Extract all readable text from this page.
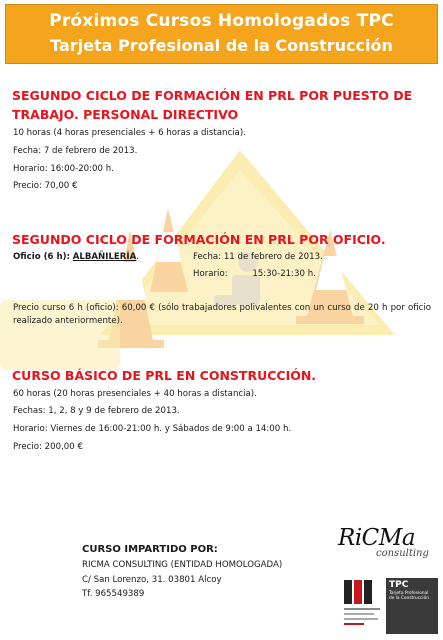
Próximos Cursos Homologados TPC
Tarjeta Profesional de la Construcción
SEGUNDO CICLO DE FORMACIÓN EN PRL POR PUESTO DE TRABAJO. PERSONAL DIRECTIVO
10 horas (4 horas presenciales + 6 horas a distancia).
Fecha: 7 de febrero de 2013.
Horario: 16:00-20:00 h.
Precio: 70,00 €
SEGUNDO CICLO DE FORMACIÓN EN PRL POR OFICIO.
Oficio (6 h): ALBAÑILERÍA.	Fecha: 11 de febrero de 2013.
Horario:	15:30-21:30 h.
Precio curso 6 h (oficio): 60,00 € (sólo trabajadores polivalentes con un curso de 20 h por oficio realizado anteriormente).
CURSO BÁSICO DE PRL EN CONSTRUCCIÓN.
60 horas (20 horas presenciales + 40 horas a distancia).
Fechas: 1, 2, 8 y 9 de febrero de 2013.
Horario: Viernes de 16:00-21:00 h. y Sábados de 9:00 a 14:00 h.
Precio: 200,00 €
CURSO IMPARTIDO POR:
RICMA CONSULTING (ENTIDAD HOMOLOGADA)
C/ San Lorenzo, 31. 03801 Alcoy
Tf. 965549389
RiCMa
consulting
TPC
Tarjeta Profesional de la Construcción
